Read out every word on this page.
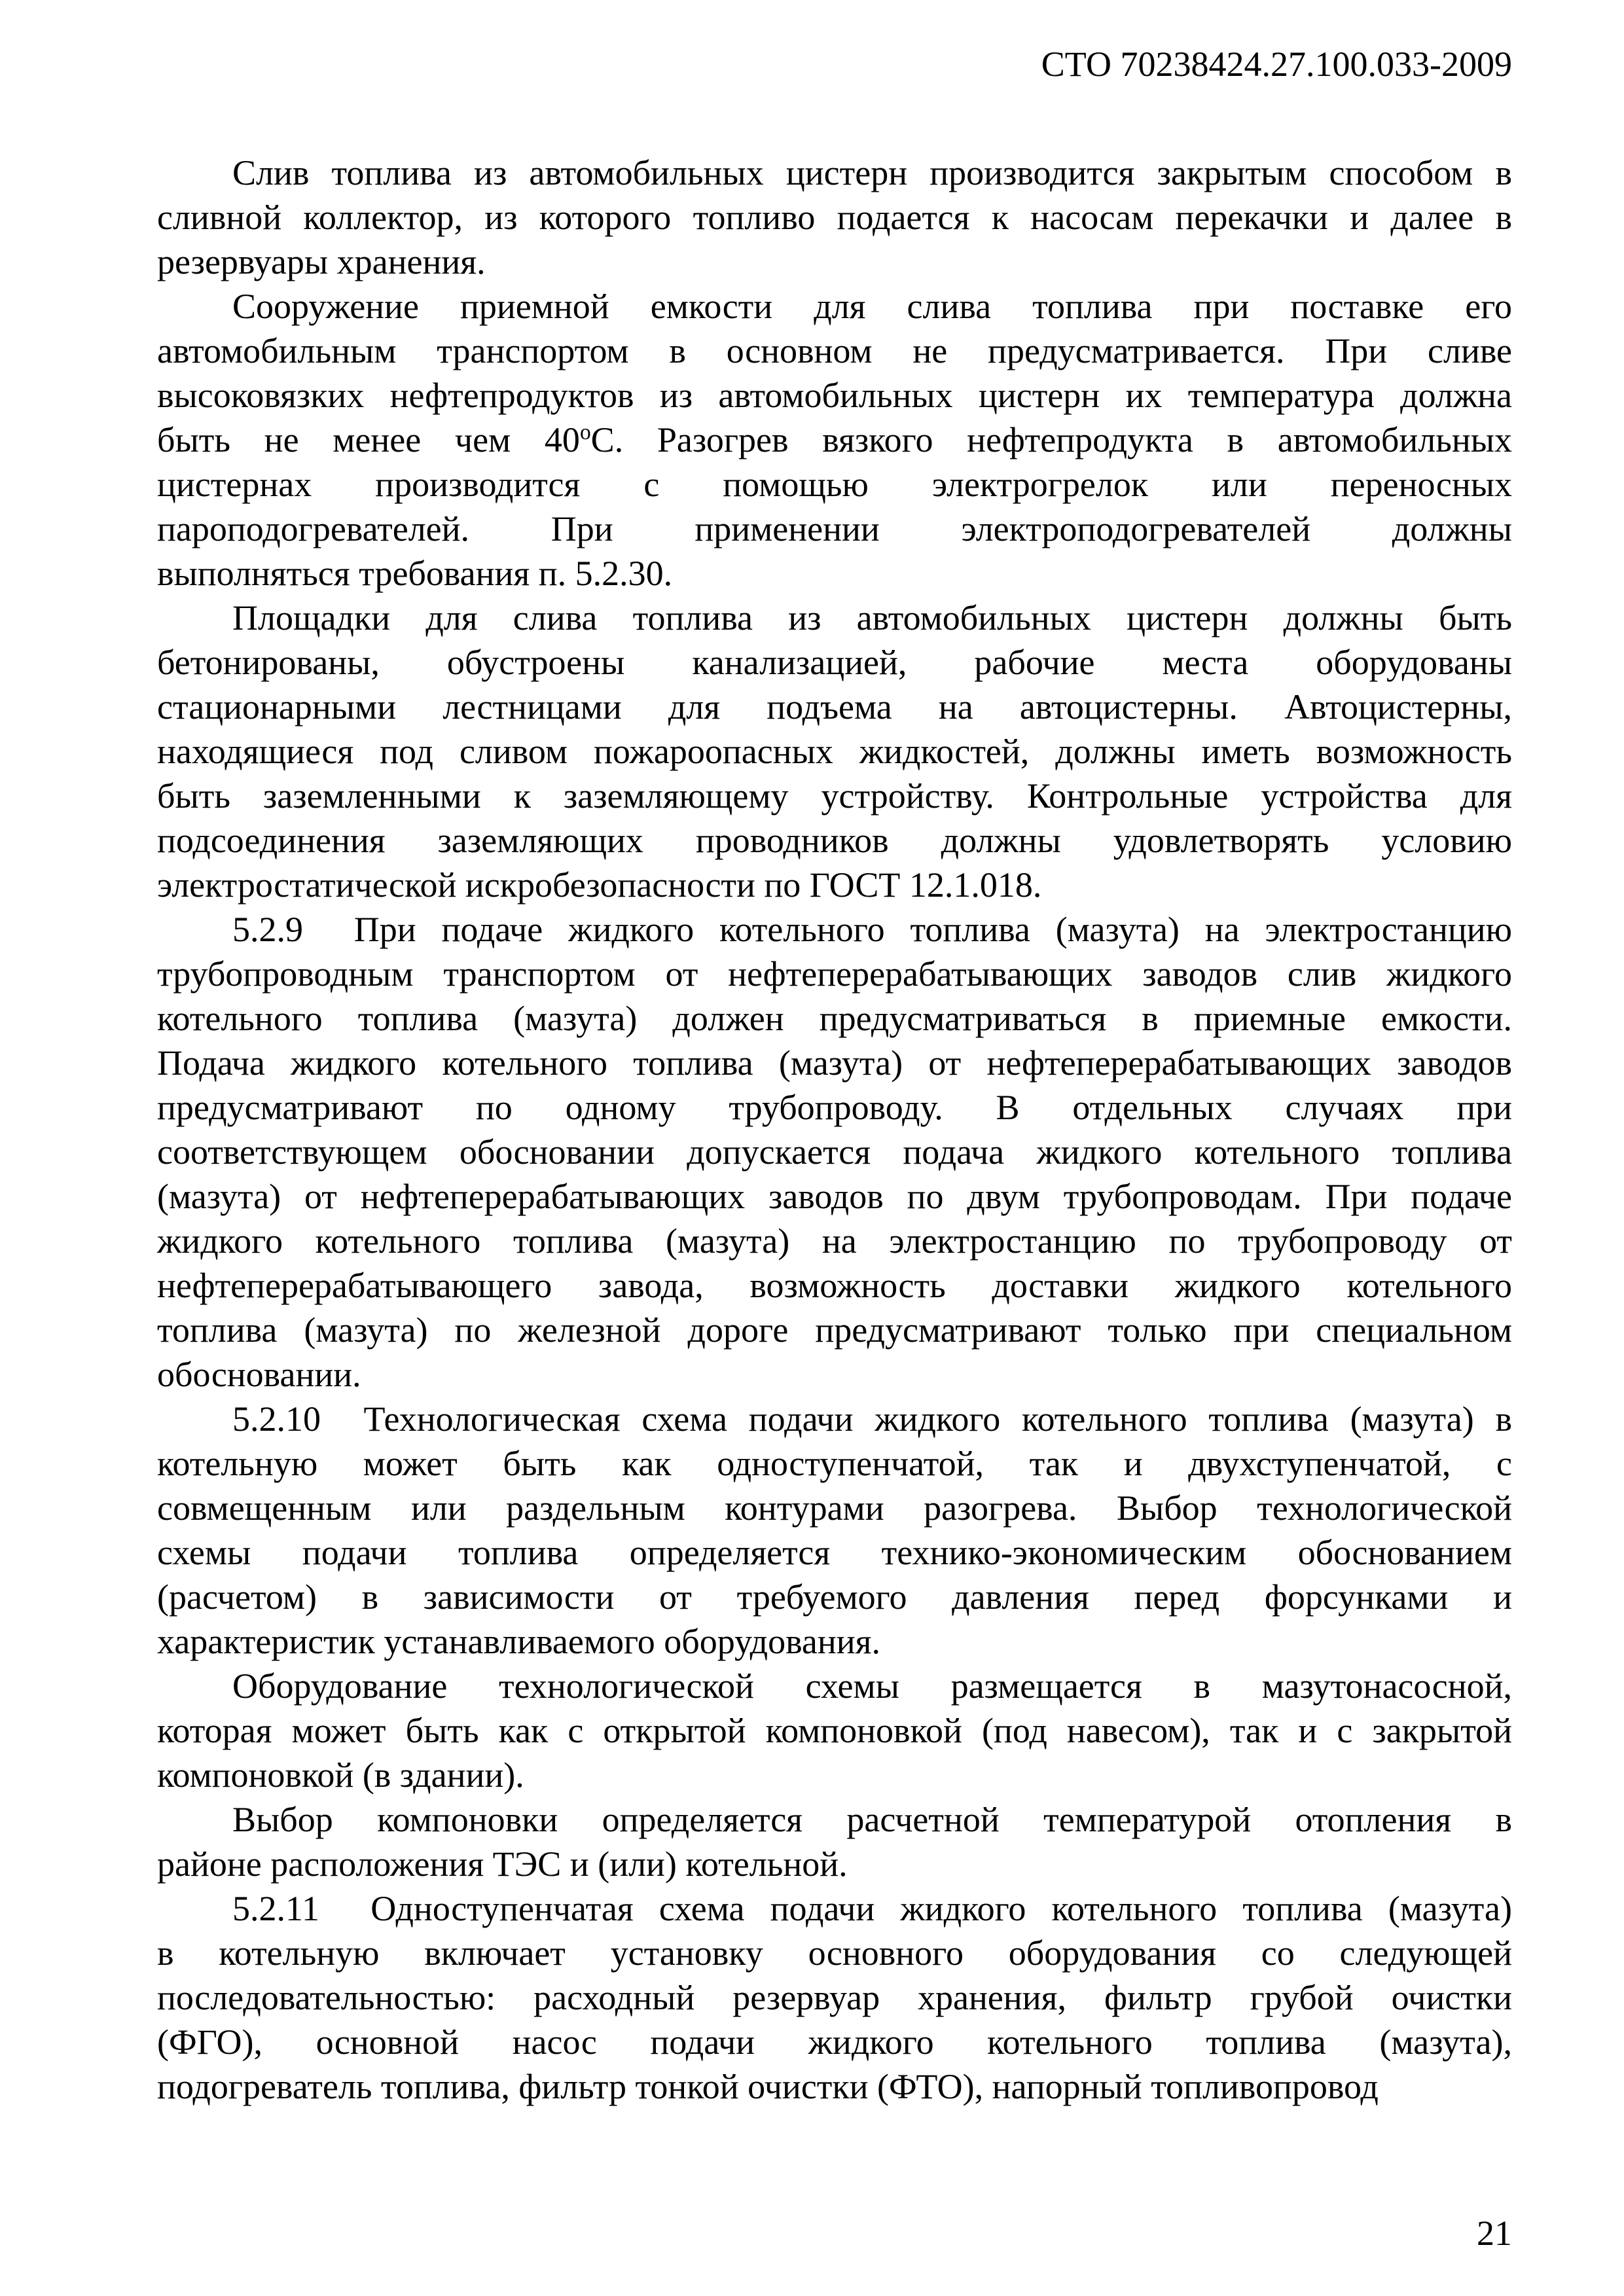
СТО 70238424.27.100.033-2009
Слив топлива из автомобильных цистерн производится закрытым способом в
сливной коллектор, из которого топливо подается к насосам перекачки и далее в
резервуары хранения.
Сооружение приемной емкости для слива топлива при поставке его
автомобильным транспортом в основном не предусматривается. При сливе
высоковязких нефтепродуктов из автомобильных цистерн их температура должна
быть не менее чем $40^оС$. Разогрев вязкого нефтепродукта в автомобильных
цистернах производится с помощью электрогрелок или переносных
пароподогревателей. При применении электроподогревателей должны
выполняться требования п. 5.2.30.
Площадки для слива топлива из автомобильных цистерн должны быть
бетонированы, обустроены канализацией, рабочие места оборудованы
стационарными лестницами для подъема на автоцистерны. Автоцистерны,
находящиеся под сливом пожароопасных жидкостей, должны иметь возможность
быть заземленными к заземляющему устройству. Контрольные устройства для
подсоединения заземляющих проводников должны удовлетворять условию
электростатической искробезопасности по ГОСТ 12.1.018.
5.2.9  При подаче жидкого котельного топлива (мазута) на электростанцию
трубопроводным транспортом от нефтеперерабатывающих заводов слив жидкого
котельного топлива (мазута) должен предусматриваться в приемные емкости.
Подача жидкого котельного топлива (мазута) от нефтеперерабатывающих заводов
предусматривают по одному трубопроводу. В отдельных случаях при
соответствующем обосновании допускается подача жидкого котельного топлива
(мазута) от нефтеперерабатывающих заводов по двум трубопроводам. При подаче
жидкого котельного топлива (мазута) на электростанцию по трубопроводу от
нефтеперерабатывающего завода, возможность доставки жидкого котельного
топлива (мазута) по железной дороге предусматривают только при специальном
обосновании.
5.2.10  Технологическая схема подачи жидкого котельного топлива (мазута) в
котельную может быть как одноступенчатой, так и двухступенчатой, с
совмещенным или раздельным контурами разогрева. Выбор технологической
схемы подачи топлива определяется технико-экономическим обоснованием
(расчетом) в зависимости от требуемого давления перед форсунками и
характеристик устанавливаемого оборудования.
Оборудование технологической схемы размещается в мазутонасосной,
которая может быть как с открытой компоновкой (под навесом), так и с закрытой
компоновкой (в здании).
Выбор компоновки определяется расчетной температурой отопления в
районе расположения ТЭС и (или) котельной.
5.2.11  Одноступенчатая схема подачи жидкого котельного топлива (мазута)
в котельную включает установку основного оборудования со следующей
последовательностью: расходный резервуар хранения, фильтр грубой очистки
(ФГО), основной насос подачи жидкого котельного топлива (мазута),
подогреватель топлива, фильтр тонкой очистки (ФТО), напорный топливопровод
21
